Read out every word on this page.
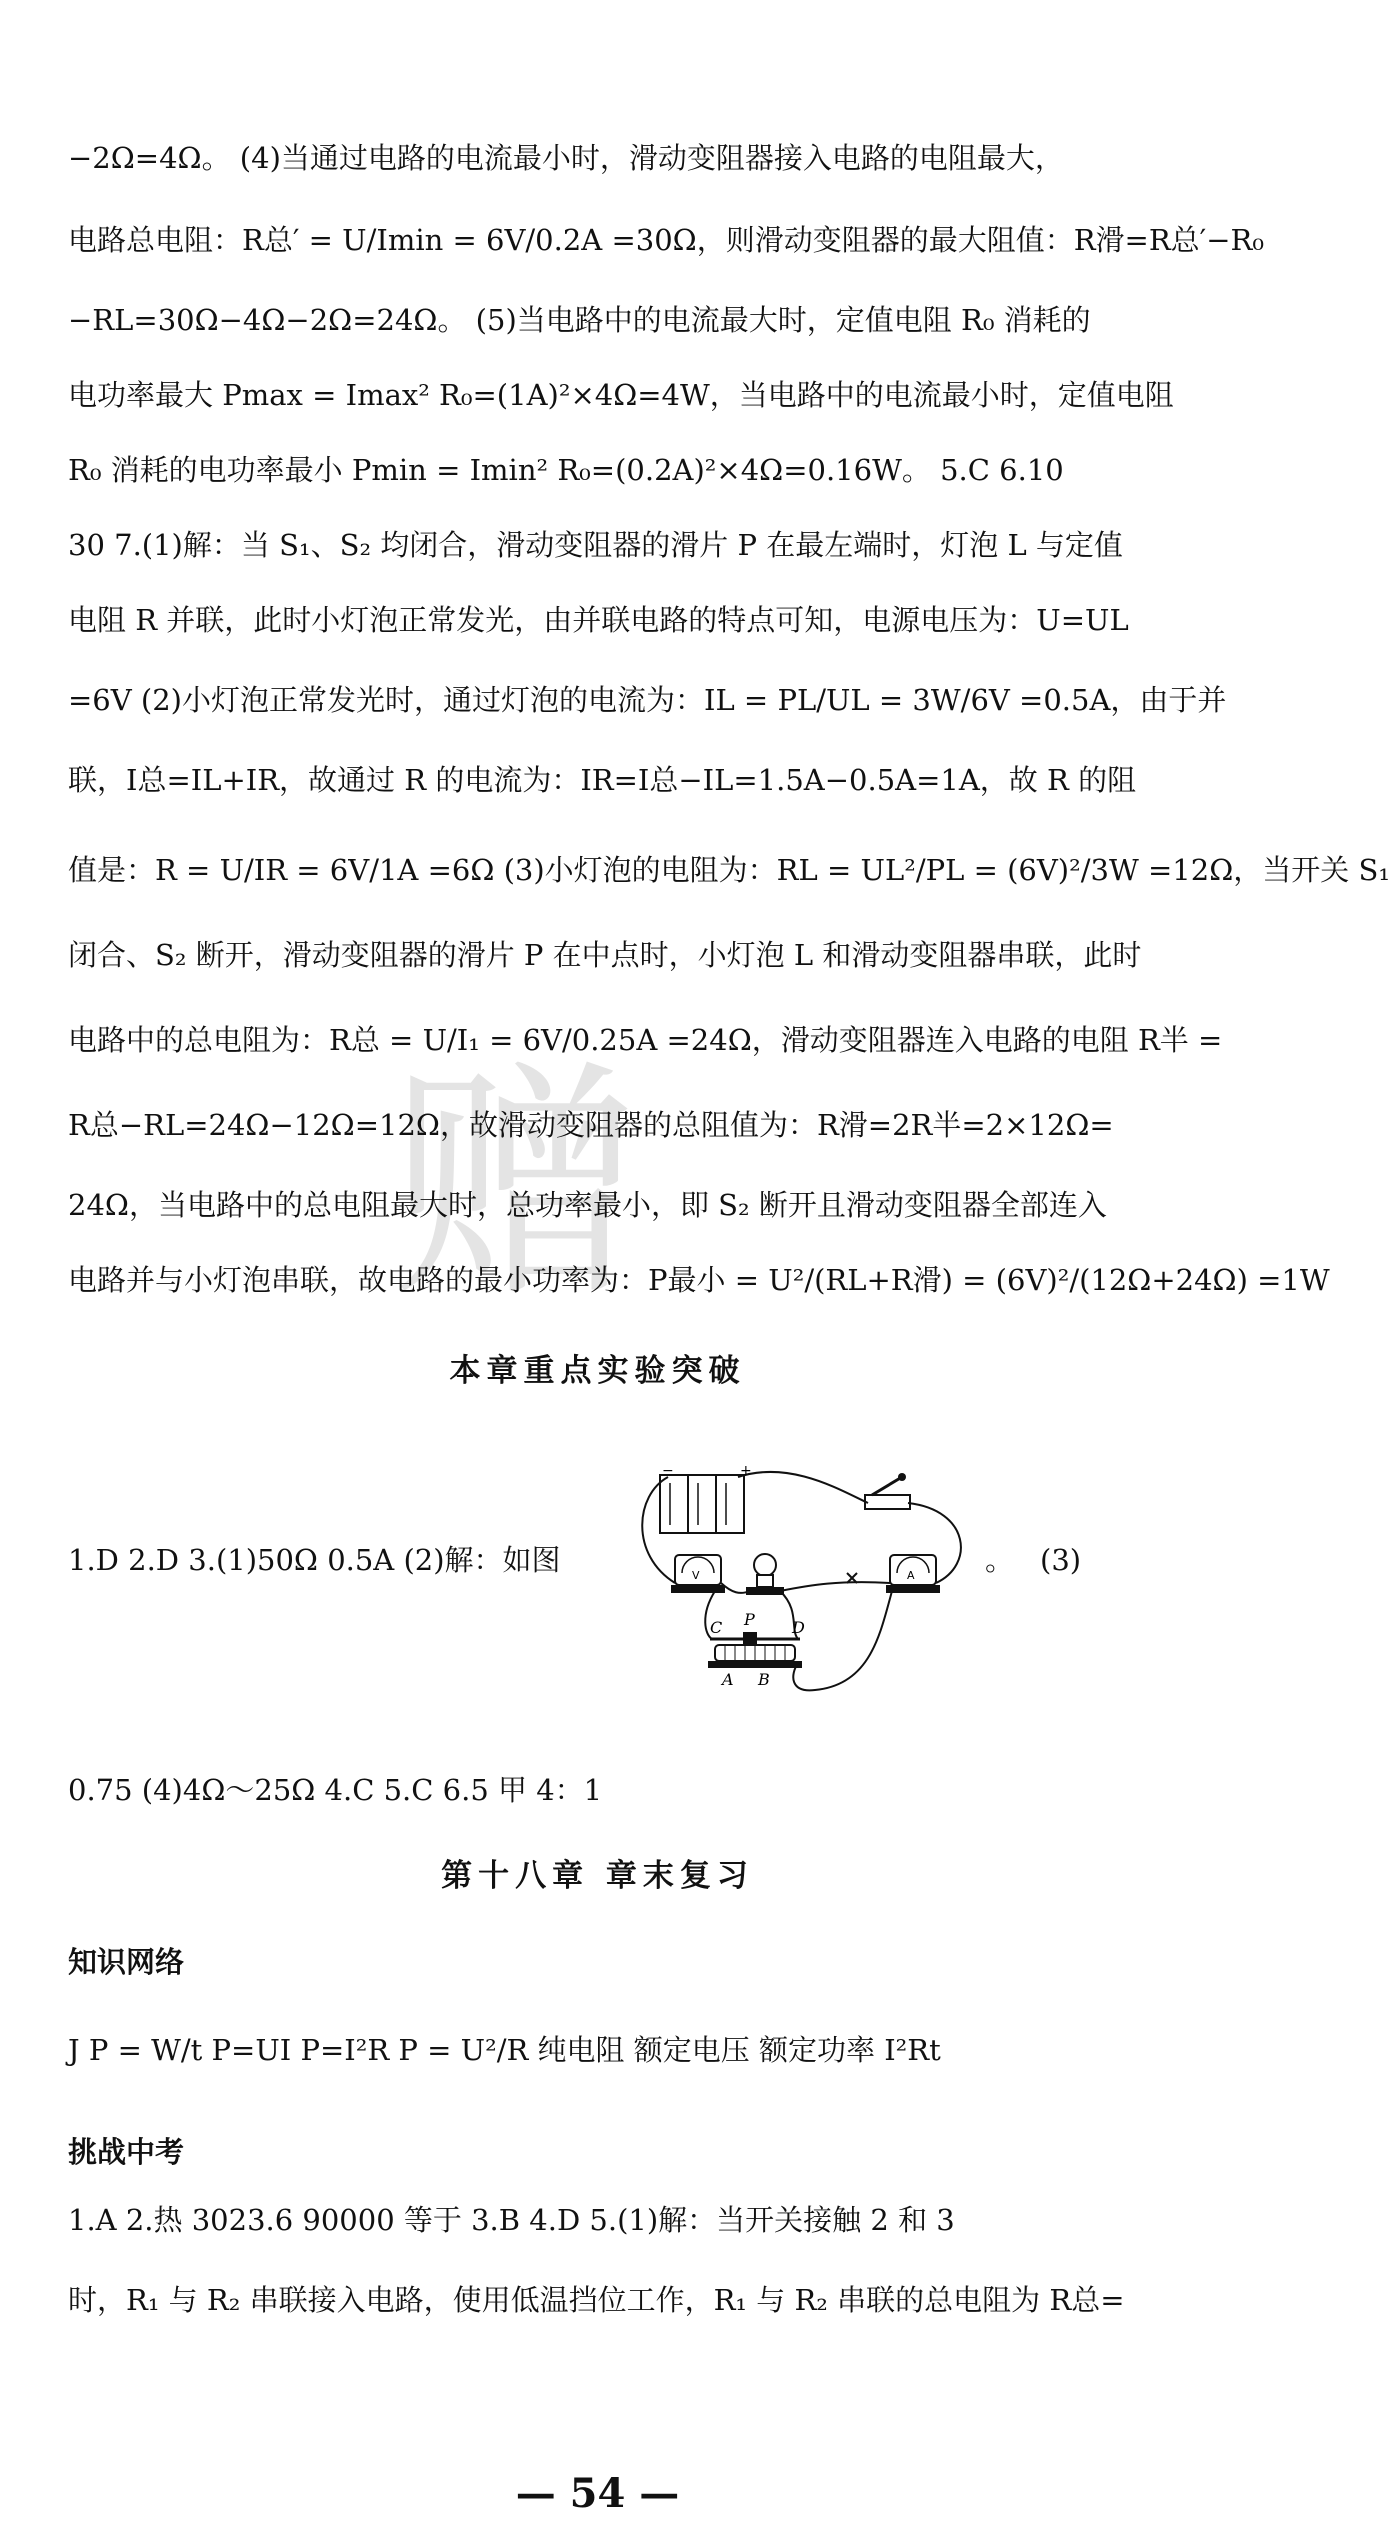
赠
−2Ω=4Ω。 (4)当通过电路的电流最小时，滑动变阻器接入电路的电阻最大，
电路总电阻：R总′ = U/Imin = 6V/0.2A =30Ω，则滑动变阻器的最大阻值：R滑=R总′−R₀
−RL=30Ω−4Ω−2Ω=24Ω。 (5)当电路中的电流最大时，定值电阻 R₀ 消耗的
电功率最大 Pmax = Imax² R₀=(1A)²×4Ω=4W，当电路中的电流最小时，定值电阻
R₀ 消耗的电功率最小 Pmin = Imin² R₀=(0.2A)²×4Ω=0.16W。 5.C 6.10
30 7.(1)解：当 S₁、S₂ 均闭合，滑动变阻器的滑片 P 在最左端时，灯泡 L 与定值
电阻 R 并联，此时小灯泡正常发光，由并联电路的特点可知，电源电压为：U=UL
=6V (2)小灯泡正常发光时，通过灯泡的电流为：IL = PL/UL = 3W/6V =0.5A，由于并
联，I总=IL+IR，故通过 R 的电流为：IR=I总−IL=1.5A−0.5A=1A，故 R 的阻
值是：R = U/IR = 6V/1A =6Ω (3)小灯泡的电阻为：RL = UL²/PL = (6V)²/3W =12Ω，当开关 S₁
闭合、S₂ 断开，滑动变阻器的滑片 P 在中点时，小灯泡 L 和滑动变阻器串联，此时
电路中的总电阻为：R总 = U/I₁ = 6V/0.25A =24Ω，滑动变阻器连入电路的电阻 R半 =
R总−RL=24Ω−12Ω=12Ω，故滑动变阻器的总阻值为：R滑=2R半=2×12Ω=
24Ω，当电路中的总电阻最大时，总功率最小，即 S₂ 断开且滑动变阻器全部连入
电路并与小灯泡串联，故电路的最小功率为：P最小 = U²/(RL+R滑) = (6V)²/(12Ω+24Ω) =1W
本章重点实验突破
1.D 2.D 3.(1)50Ω 0.5A (2)解：如图	V	A
−	+
C P D
A B
。 (3)
0.75 (4)4Ω～25Ω 4.C 5.C 6.5 甲 4：1
第十八章 章末复习
知识网络
J P = W/t P=UI P=I²R P = U²/R 纯电阻 额定电压 额定功率 I²Rt
挑战中考
1.A 2.热 3023.6 90000 等于 3.B 4.D 5.(1)解：当开关接触 2 和 3
时，R₁ 与 R₂ 串联接入电路，使用低温挡位工作，R₁ 与 R₂ 串联的总电阻为 R总=
— 54 —
